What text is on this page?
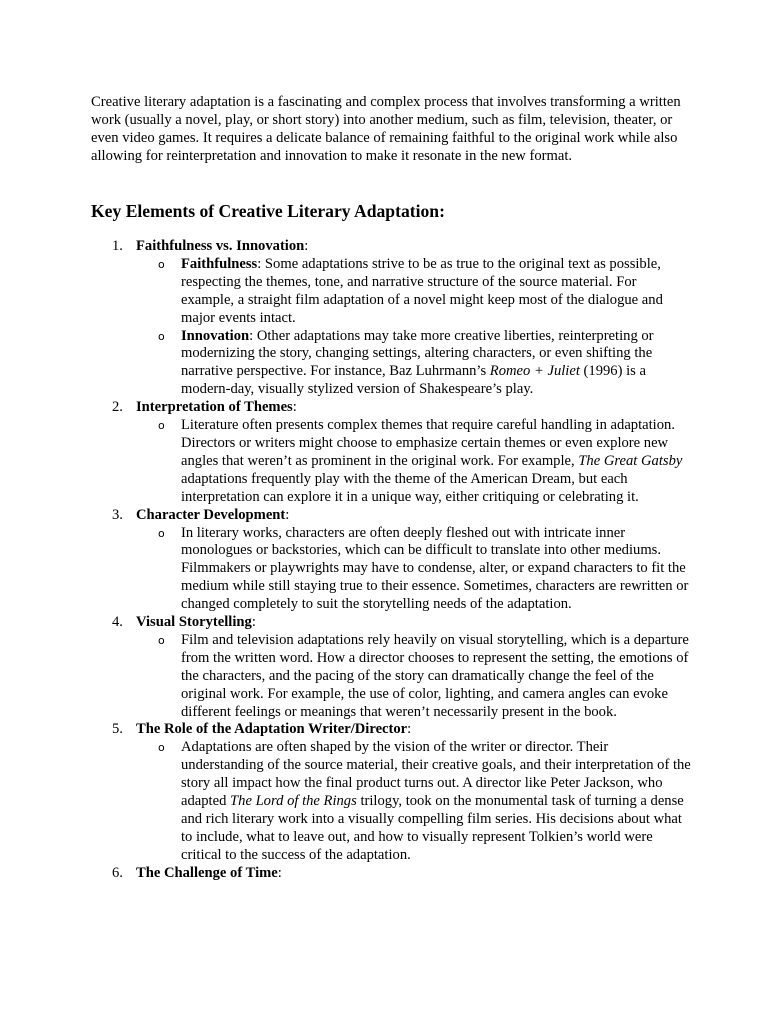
Creative literary adaptation is a fascinating and complex process that involves transforming a written work (usually a novel, play, or short story) into another medium, such as film, television, theater, or even video games. It requires a delicate balance of remaining faithful to the original work while also allowing for reinterpretation and innovation to make it resonate in the new format.

Key Elements of Creative Literary Adaptation:
1. Faithfulness vs. Innovation:
o Faithfulness: Some adaptations strive to be as true to the original text as possible, respecting the themes, tone, and narrative structure of the source material. For example, a straight film adaptation of a novel might keep most of the dialogue and major events intact.
o Innovation: Other adaptations may take more creative liberties, reinterpreting or modernizing the story, changing settings, altering characters, or even shifting the narrative perspective. For instance, Baz Luhrmann’s Romeo + Juliet (1996) is a modern-day, visually stylized version of Shakespeare’s play.
2. Interpretation of Themes:
o Literature often presents complex themes that require careful handling in adaptation. Directors or writers might choose to emphasize certain themes or even explore new angles that weren’t as prominent in the original work. For example, The Great Gatsby adaptations frequently play with the theme of the American Dream, but each interpretation can explore it in a unique way, either critiquing or celebrating it.
3. Character Development:
o In literary works, characters are often deeply fleshed out with intricate inner monologues or backstories, which can be difficult to translate into other mediums. Filmmakers or playwrights may have to condense, alter, or expand characters to fit the medium while still staying true to their essence. Sometimes, characters are rewritten or changed completely to suit the storytelling needs of the adaptation.
4. Visual Storytelling:
o Film and television adaptations rely heavily on visual storytelling, which is a departure from the written word. How a director chooses to represent the setting, the emotions of the characters, and the pacing of the story can dramatically change the feel of the original work. For example, the use of color, lighting, and camera angles can evoke different feelings or meanings that weren’t necessarily present in the book.
5. The Role of the Adaptation Writer/Director:
o Adaptations are often shaped by the vision of the writer or director. Their understanding of the source material, their creative goals, and their interpretation of the story all impact how the final product turns out. A director like Peter Jackson, who adapted The Lord of the Rings trilogy, took on the monumental task of turning a dense and rich literary work into a visually compelling film series. His decisions about what to include, what to leave out, and how to visually represent Tolkien’s world were critical to the success of the adaptation.
6. The Challenge of Time:
